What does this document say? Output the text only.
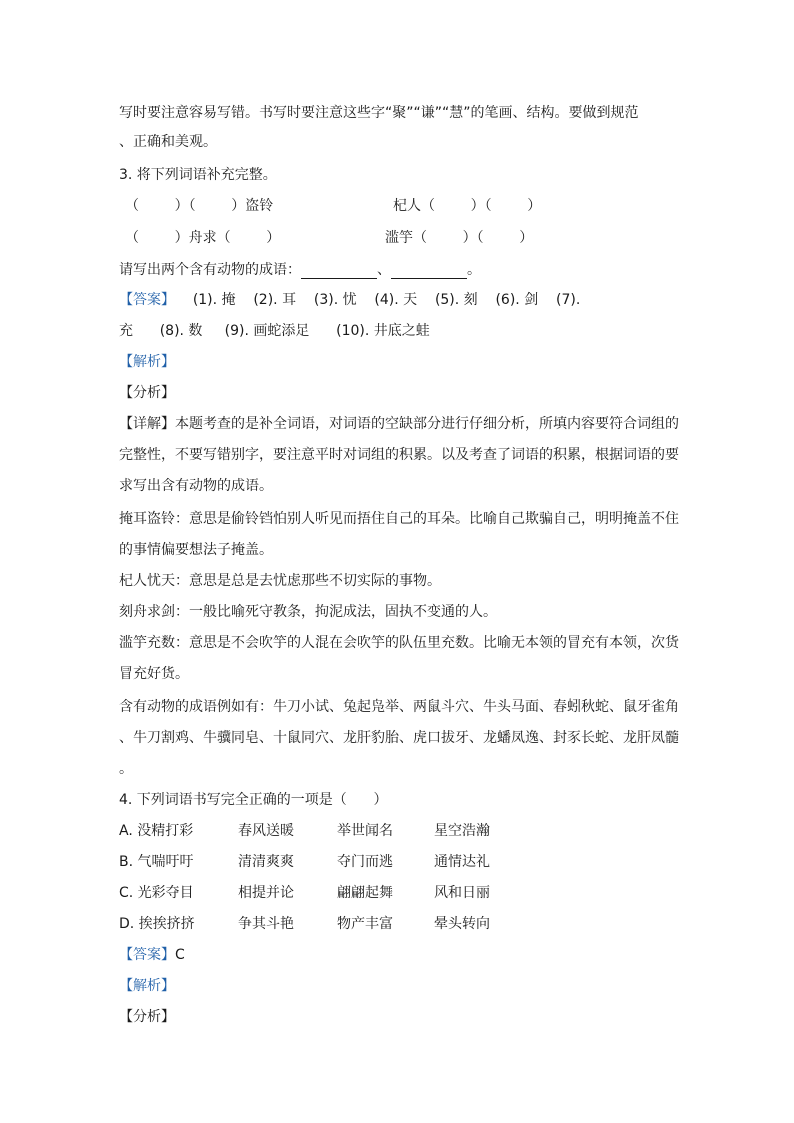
写时要注意容易写错。书写时要注意这些字“聚”“谦”“慧”的笔画、结构。要做到规范
、正确和美观。
3. 将下列词语补充完整。
（        ）（        ）盗铃	杞人（        ）（        ）
（        ）舟求（        ）	滥竽（        ）（        ）
请写出两个含有动物的成语：	、	。
【答案】 (1). 掩    (2). 耳    (3). 忧    (4). 天    (5). 刻    (6). 剑    (7).
充      (8). 数     (9). 画蛇添足      (10). 井底之蛙
【解析】
【分析】
【详解】本题考查的是补全词语，对词语的空缺部分进行仔细分析，所填内容要符合词组的
完整性，不要写错别字，要注意平时对词组的积累。以及考查了词语的积累，根据词语的要
求写出含有动物的成语。
掩耳盗铃：意思是偷铃铛怕别人听见而捂住自己的耳朵。比喻自己欺骗自己，明明掩盖不住
的事情偏要想法子掩盖。
杞人忧天：意思是总是去忧虑那些不切实际的事物。
刻舟求剑：一般比喻死守教条，拘泥成法，固执不变通的人。
滥竽充数：意思是不会吹竽的人混在会吹竽的队伍里充数。比喻无本领的冒充有本领，次货
冒充好货。
含有动物的成语例如有：牛刀小试、兔起凫举、两鼠斗穴、牛头马面、春蚓秋蛇、鼠牙雀角
、牛刀割鸡、牛骥同皂、十鼠同穴、龙肝豹胎、虎口拔牙、龙蟠凤逸、封豕长蛇、龙肝凤髓
。
4. 下列词语书写完全正确的一项是（      ）
A. 没精打彩	春风送暖	举世闻名	星空浩瀚
B. 气喘吁吁	清清爽爽	夺门而逃	通情达礼
C. 光彩夺目	相提并论	翩翩起舞	风和日丽
D. 挨挨挤挤	争其斗艳	物产丰富	晕头转向
【答案】C
【解析】
【分析】
